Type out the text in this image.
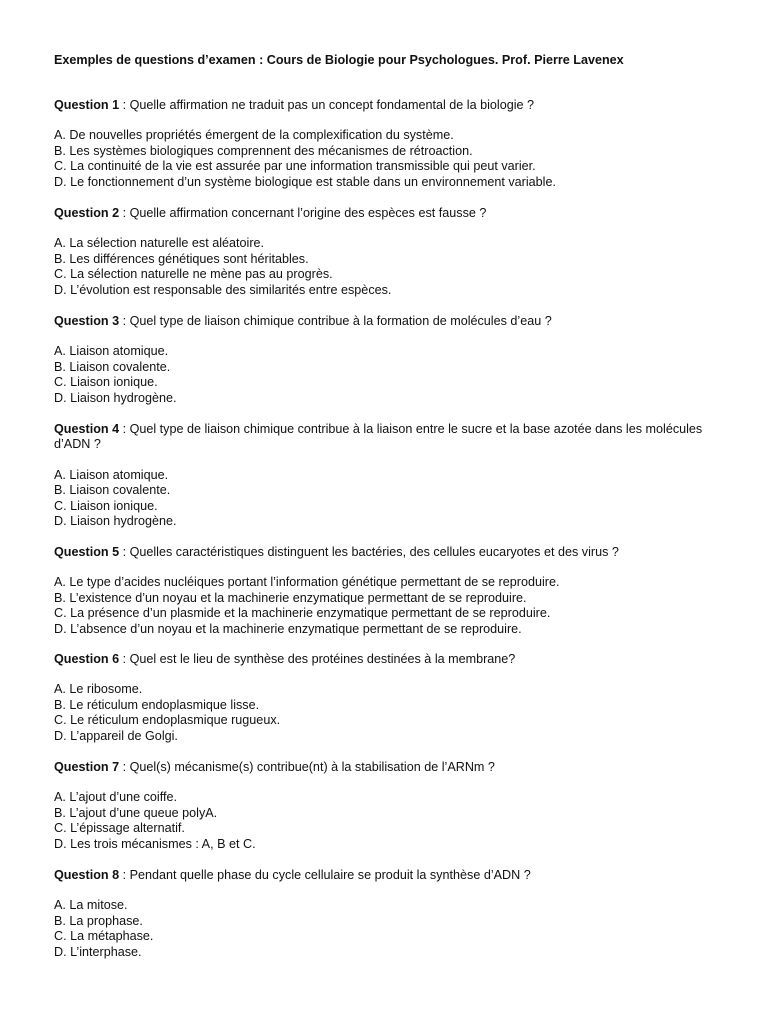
Exemples de questions d’examen : Cours de Biologie pour Psychologues. Prof. Pierre Lavenex

Question 1 : Quelle affirmation ne traduit pas un concept fondamental de la biologie ?

A. De nouvelles propriétés émergent de la complexification du système.
B. Les systèmes biologiques comprennent des mécanismes de rétroaction.
C. La continuité de la vie est assurée par une information transmissible qui peut varier.
D. Le fonctionnement d’un système biologique est stable dans un environnement variable.

Question 2 : Quelle affirmation concernant l’origine des espèces est fausse ?

A. La sélection naturelle est aléatoire.
B. Les différences génétiques sont héritables.
C. La sélection naturelle ne mène pas au progrès.
D. L’évolution est responsable des similarités entre espèces.

Question 3 : Quel type de liaison chimique contribue à la formation de molécules d’eau ?

A. Liaison atomique.
B. Liaison covalente.
C. Liaison ionique.
D. Liaison hydrogène.

Question 4 : Quel type de liaison chimique contribue à la liaison entre le sucre et la base azotée dans les molécules d’ADN ?

A. Liaison atomique.
B. Liaison covalente.
C. Liaison ionique.
D. Liaison hydrogène.

Question 5 : Quelles caractéristiques distinguent les bactéries, des cellules eucaryotes et des virus ?

A. Le type d’acides nucléiques portant l’information génétique permettant de se reproduire.
B. L’existence d’un noyau et la machinerie enzymatique permettant de se reproduire.
C. La présence d’un plasmide et la machinerie enzymatique permettant de se reproduire.
D. L’absence d’un noyau et la machinerie enzymatique permettant de se reproduire.

Question 6 : Quel est le lieu de synthèse des protéines destinées à la membrane?

A. Le ribosome.
B. Le réticulum endoplasmique lisse.
C. Le réticulum endoplasmique rugueux.
D. L’appareil de Golgi.

Question 7 : Quel(s) mécanisme(s) contribue(nt) à la stabilisation de l’ARNm ?

A. L’ajout d’une coiffe.
B. L’ajout d’une queue polyA.
C. L’épissage alternatif.
D. Les trois mécanismes : A, B et C.

Question 8 : Pendant quelle phase du cycle cellulaire se produit la synthèse d’ADN ?

A. La mitose.
B. La prophase.
C. La métaphase.
D. L’interphase.
